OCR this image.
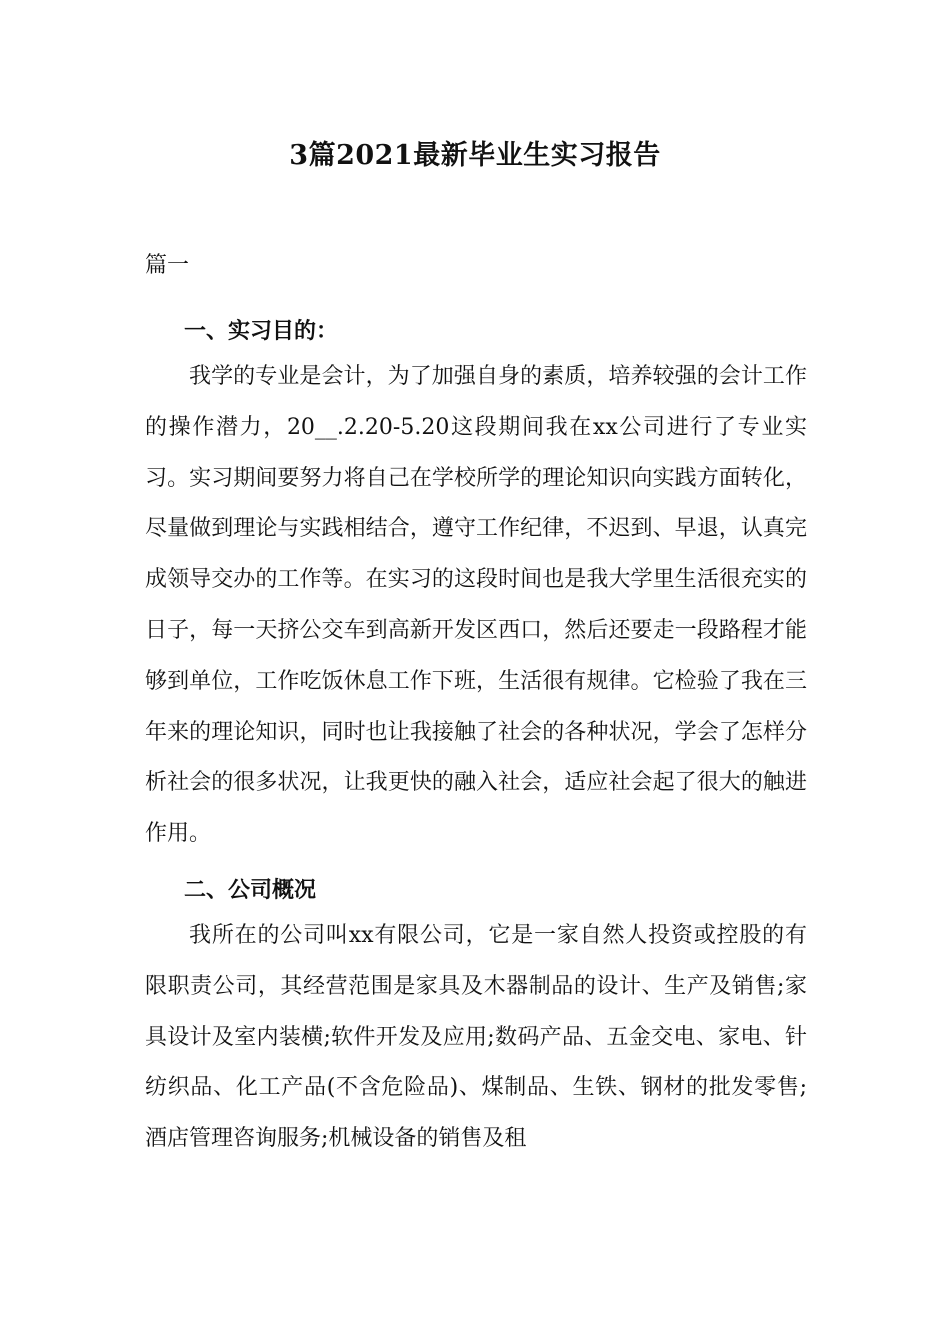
3篇2021最新毕业生实习报告
篇一
一、实习目的：

我学的专业是会计，为了加强自身的素质，培养较强的会计工作的操作潜力，20__.2.20-5.20这段期间我在xx公司进行了专业实习。实习期间要努力将自己在学校所学的理论知识向实践方面转化，尽量做到理论与实践相结合，遵守工作纪律，不迟到、早退，认真完成领导交办的工作等。在实习的这段时间也是我大学里生活很充实的日子，每一天挤公交车到高新开发区西口，然后还要走一段路程才能够到单位，工作吃饭休息工作下班，生活很有规律。它检验了我在三年来的理论知识，同时也让我接触了社会的各种状况，学会了怎样分析社会的很多状况，让我更快的融入社会，适应社会起了很大的触进作用。

二、公司概况

我所在的公司叫xx有限公司，它是一家自然人投资或控股的有限职责公司，其经营范围是家具及木器制品的设计、生产及销售;家具设计及室内装横;软件开发及应用;数码产品、五金交电、家电、针纺织品、化工产品(不含危险品)、煤制品、生铁、钢材的批发零售;酒店管理咨询服务;机械设备的销售及租
